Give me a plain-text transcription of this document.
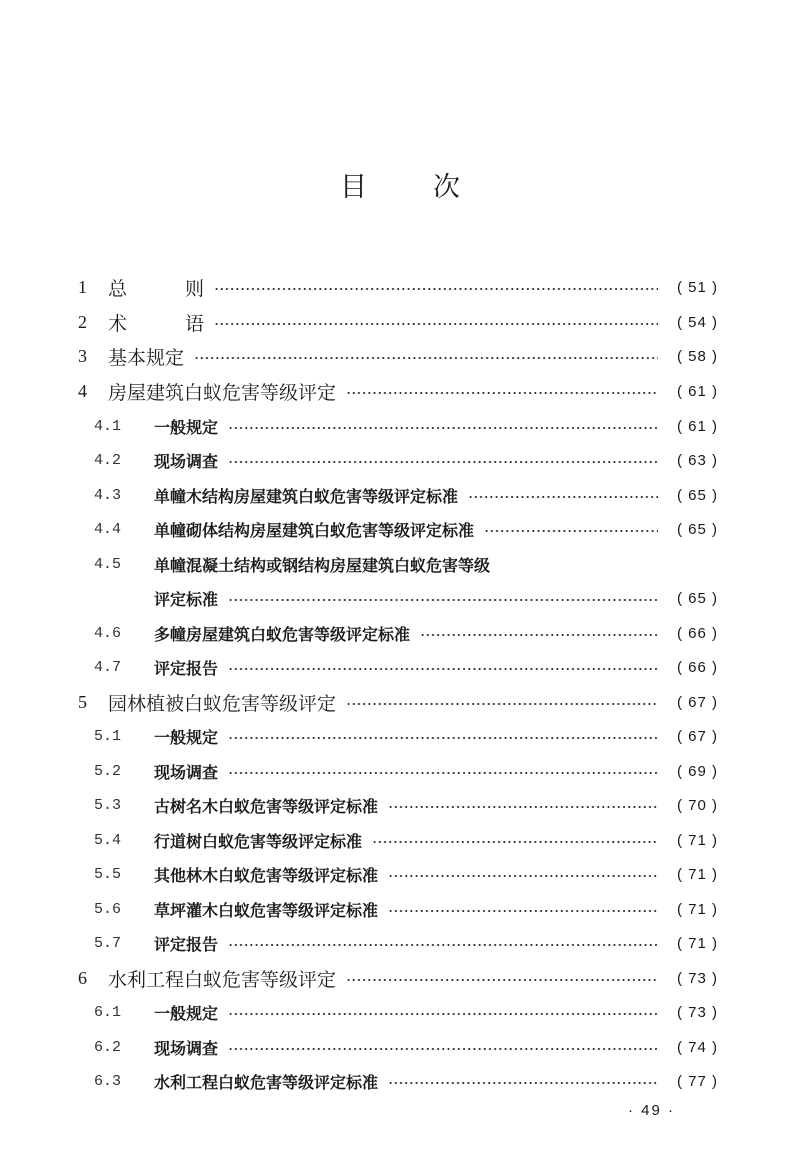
目 次
1	总	则	( 51 )
2	术	语	( 54 )
3	基本规定	( 58 )
4	房屋建筑白蚁危害等级评定	( 61 )
4.1	一般规定	( 61 )
4.2	现场调查	( 63 )
4.3	单幢木结构房屋建筑白蚁危害等级评定标准	( 65 )
4.4	单幢砌体结构房屋建筑白蚁危害等级评定标准	( 65 )
4.5	单幢混凝土结构或钢结构房屋建筑白蚁危害等级
评定标准	( 65 )
4.6	多幢房屋建筑白蚁危害等级评定标准	( 66 )
4.7	评定报告	( 66 )
5	园林植被白蚁危害等级评定	( 67 )
5.1	一般规定	( 67 )
5.2	现场调查	( 69 )
5.3	古树名木白蚁危害等级评定标准	( 70 )
5.4	行道树白蚁危害等级评定标准	( 71 )
5.5	其他林木白蚁危害等级评定标准	( 71 )
5.6	草坪灌木白蚁危害等级评定标准	( 71 )
5.7	评定报告	( 71 )
6	水利工程白蚁危害等级评定	( 73 )
6.1	一般规定	( 73 )
6.2	现场调查	( 74 )
6.3	水利工程白蚁危害等级评定标准	( 77 )
· 49 ·
